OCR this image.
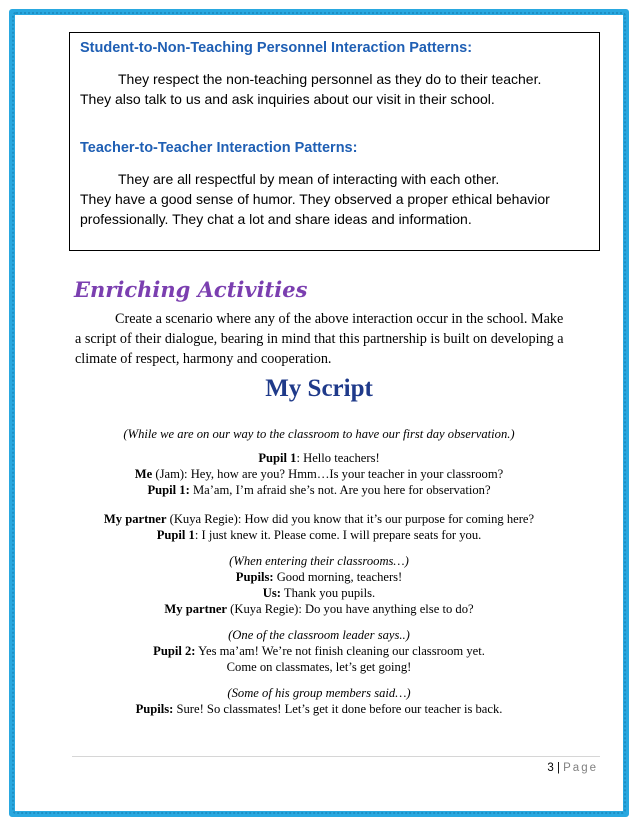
Student-to-Non-Teaching Personnel Interaction Patterns:

They respect the non-teaching personnel as they do to their teacher.

They also talk to us and ask inquiries about our visit in their school.

Teacher-to-Teacher Interaction Patterns:

They are all respectful by mean of interacting with each other.

They have a good sense of humor. They observed a proper ethical behavior

professionally. They chat a lot and share ideas and information.

Enriching Activities
Create a scenario where any of the above interaction occur in the school. Make a script of their dialogue, bearing in mind that this partnership is built on developing a climate of respect, harmony and cooperation.
My Script
(While we are on our way to the classroom to have our first day observation.)
Pupil 1: Hello teachers!
Me (Jam): Hey, how are you? Hmm…Is your teacher in your classroom?
Pupil 1: Ma’am, I’m afraid she’s not. Are you here for observation?
My partner (Kuya Regie): How did you know that it’s our purpose for coming here?
Pupil 1: I just knew it. Please come. I will prepare seats for you.
(When entering their classrooms…)
Pupils: Good morning, teachers!
Us: Thank you pupils.
My partner (Kuya Regie): Do you have anything else to do?
(One of the classroom leader says..)
Pupil 2: Yes ma’am! We’re not finish cleaning our classroom yet.
Come on classmates, let’s get going!
(Some of his group members said…)
Pupils: Sure! So classmates! Let’s get it done before our teacher is back.
3 | Page
